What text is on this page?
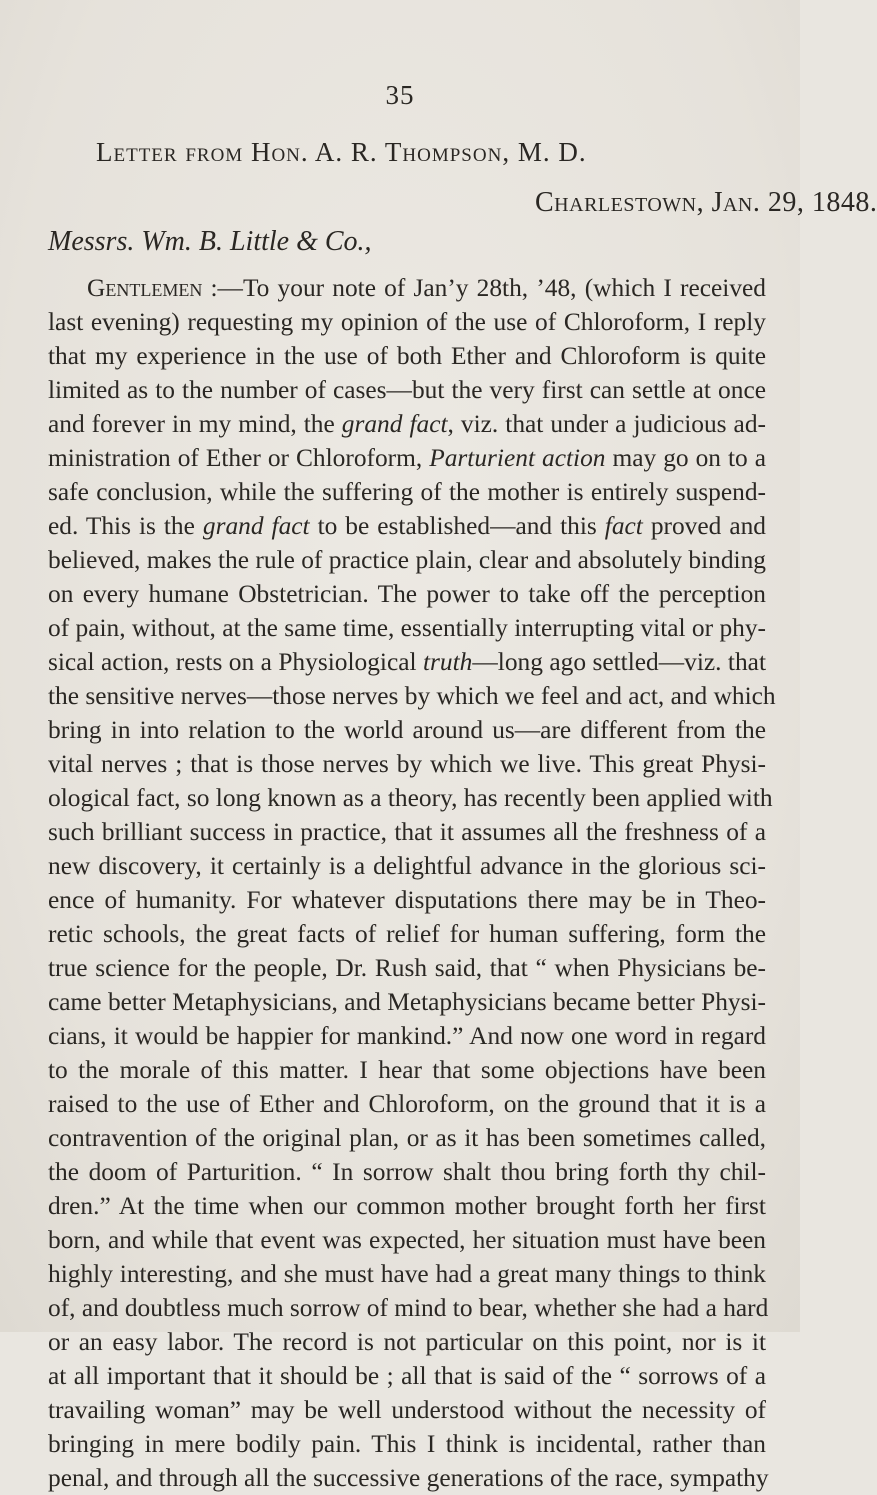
35
Letter from Hon. A. R. Thompson, M. D.
Charlestown, Jan. 29, 1848.
Messrs. Wm. B. Little & Co.,
Gentlemen :—To your note of Jan’y 28th, ’48, (which I received
last evening) requesting my opinion of the use of Chloroform, I reply
that my experience in the use of both Ether and Chloroform is quite
limited as to the number of cases—but the very first can settle at once
and forever in my mind, the grand fact, viz. that under a judicious ad-
ministration of Ether or Chloroform, Parturient action may go on to a
safe conclusion, while the suffering of the mother is entirely suspend-
ed. This is the grand fact to be established—and this fact proved and
believed, makes the rule of practice plain, clear and absolutely binding
on every humane Obstetrician. The power to take off the perception
of pain, without, at the same time, essentially interrupting vital or phy-
sical action, rests on a Physiological truth—long ago settled—viz. that
the sensitive nerves—those nerves by which we feel and act, and which
bring in into relation to the world around us—are different from the
vital nerves ; that is those nerves by which we live. This great Physi-
ological fact, so long known as a theory, has recently been applied with
such brilliant success in practice, that it assumes all the freshness of a
new discovery, it certainly is a delightful advance in the glorious sci-
ence of humanity. For whatever disputations there may be in Theo-
retic schools, the great facts of relief for human suffering, form the
true science for the people, Dr. Rush said, that “ when Physicians be-
came better Metaphysicians, and Metaphysicians became better Physi-
cians, it would be happier for mankind.” And now one word in regard
to the morale of this matter. I hear that some objections have been
raised to the use of Ether and Chloroform, on the ground that it is a
contravention of the original plan, or as it has been sometimes called,
the doom of Parturition. “ In sorrow shalt thou bring forth thy chil-
dren.” At the time when our common mother brought forth her first
born, and while that event was expected, her situation must have been
highly interesting, and she must have had a great many things to think
of, and doubtless much sorrow of mind to bear, whether she had a hard
or an easy labor. The record is not particular on this point, nor is it
at all important that it should be ; all that is said of the “ sorrows of a
travailing woman” may be well understood without the necessity of
bringing in mere bodily pain. This I think is incidental, rather than
penal, and through all the successive generations of the race, sympathy
